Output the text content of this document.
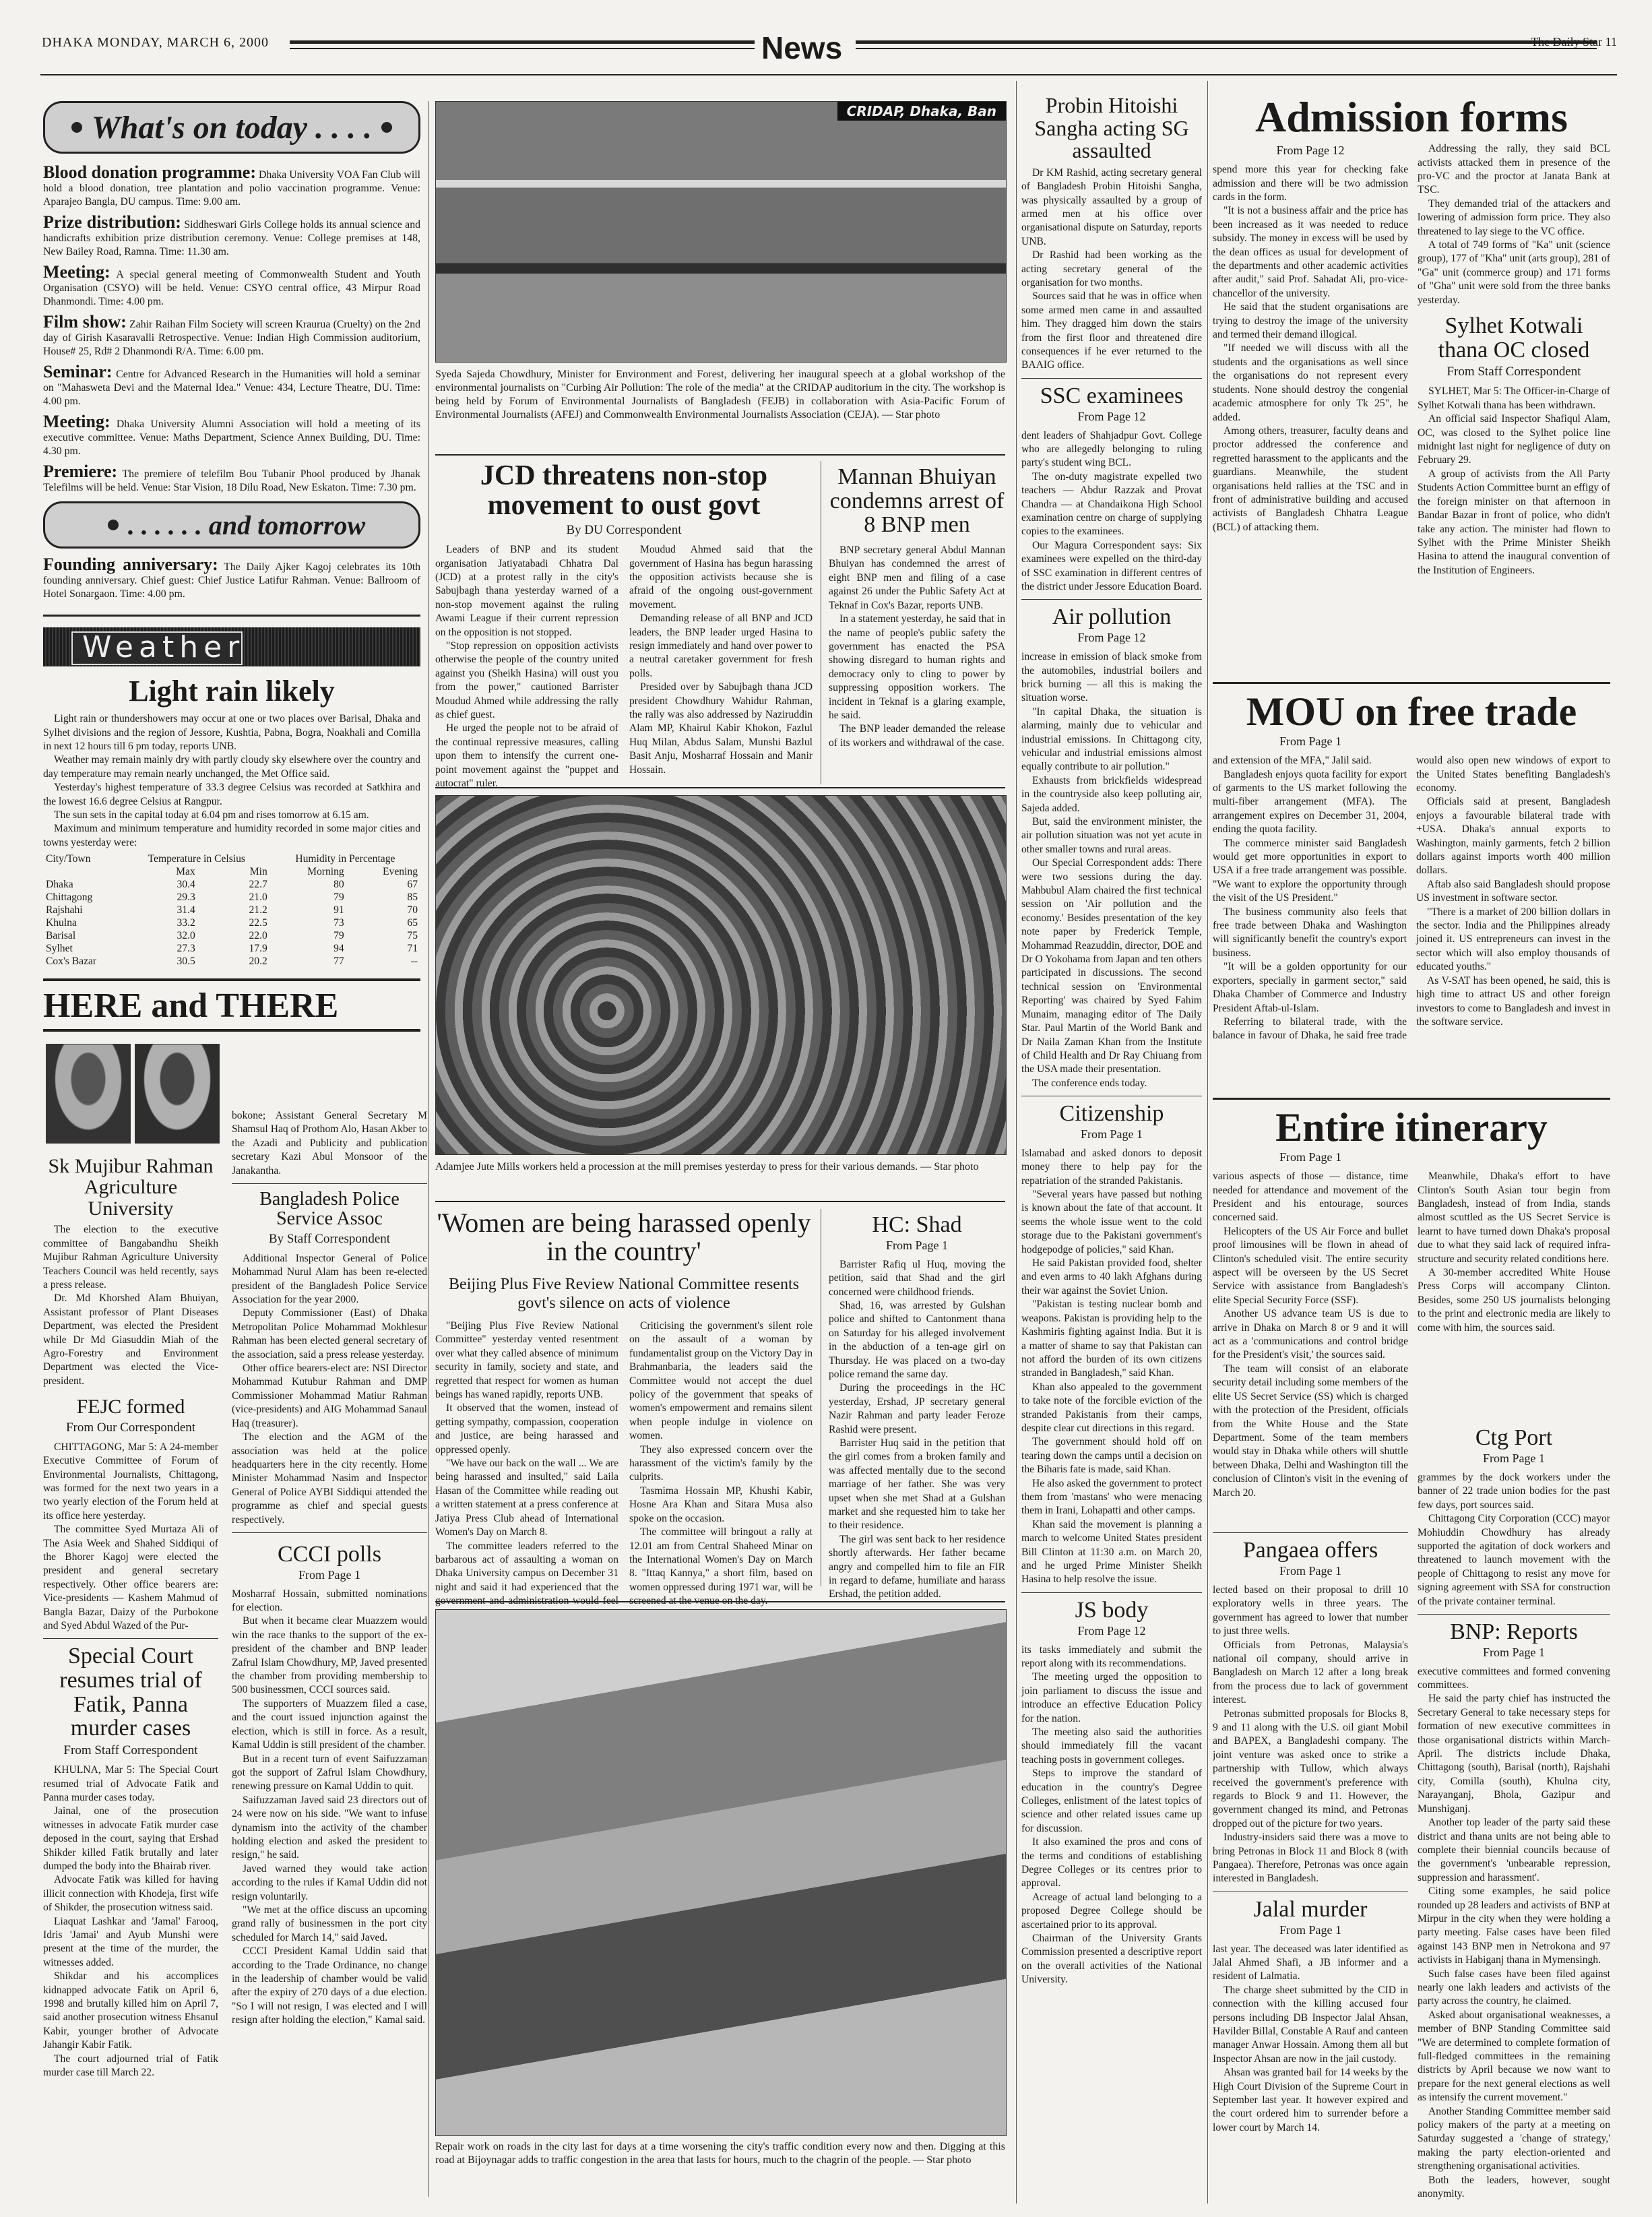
DHAKA MONDAY, MARCH 6, 2000	News	The Daily Star 11
What's on today . . . .

Blood donation programme: Dhaka University VOA Fan Club will hold a blood donation, tree plantation and polio vaccination programme. Venue: Aparajeo Bangla, DU campus. Time: 9.00 am.

Prize distribution: Siddheswari Girls College holds its annual science and handicrafts exhibition prize distribution ceremony. Venue: College premises at 148, New Bailey Road, Ramna. Time: 11.30 am.

Meeting: A special general meeting of Commonwealth Student and Youth Organisation (CSYO) will be held. Venue: CSYO central office, 43 Mirpur Road Dhanmondi. Time: 4.00 pm.

Film show: Zahir Raihan Film Society will screen Kraurua (Cruelty) on the 2nd day of Girish Kasaravalli Retrospective. Venue: Indian High Commission auditorium, House# 25, Rd# 2 Dhanmondi R/A. Time: 6.00 pm.

Seminar: Centre for Advanced Research in the Humanities will hold a seminar on "Mahasweta Devi and the Maternal Idea." Venue: 434, Lecture Theatre, DU. Time: 4.00 pm.

Meeting: Dhaka University Alumni Association will hold a meeting of its executive committee. Venue: Maths Department, Science Annex Building, DU. Time: 4.30 pm.

Premiere: The premiere of telefilm Bou Tubanir Phool produced by Jhanak Telefilms will be held. Venue: Star Vision, 18 Dilu Road, New Eskaton. Time: 7.30 pm.

. . . . . . and tomorrow

Founding anniversary: The Daily Ajker Kagoj celebrates its 10th founding anniversary. Chief guest: Chief Justice Latifur Rahman. Venue: Ballroom of Hotel Sonargaon. Time: 4.00 pm.

Weather
Light rain likely

Light rain or thundershowers may occur at one or two places over Barisal, Dhaka and Sylhet divisions and the region of Jessore, Kushtia, Pabna, Bogra, Noakhali and Comilla in next 12 hours till 6 pm today, reports UNB.

Weather may remain mainly dry with partly cloudy sky elsewhere over the country and day temperature may remain nearly unchanged, the Met Office said.

Yesterday's highest temperature of 33.3 degree Celsius was recorded at Satkhira and the lowest 16.6 degree Celsius at Rangpur.

The sun sets in the capital today at 6.04 pm and rises tomorrow at 6.15 am.

Maximum and minimum temperature and humidity recorded in some major cities and towns yesterday were:

City/Town	Temperature in Celsius		Humidity in Percentage	
	Max	Min	Morning	Evening
Dhaka	30.4	22.7	80	67
Chittagong	29.3	21.0	79	85
Rajshahi	31.4	21.2	91	70
Khulna	33.2	22.5	73	65
Barisal	32.0	22.0	79	75
Sylhet	27.3	17.9	94	71
Cox's Bazar	30.5	20.2	77	--
HERE and THERE
Sk Mujibur Rahman Agriculture University

The election to the executive committee of Bangabandhu Sheikh Mujibur Rahman Agriculture University Teachers Council was held recently, says a press release.

Dr. Md Khorshed Alam Bhuiyan, Assistant professor of Plant Diseases Department, was elected the President while Dr Md Giasuddin Miah of the Agro-Forestry and Environment Department was elected the Vice-president.

FEJC formed
From Our Correspondent

CHITTAGONG, Mar 5: A 24-member Executive Committee of Forum of Environmental Journalists, Chittagong, was formed for the next two years in a two yearly election of the Forum held at its office here yesterday.

The committee Syed Murtaza Ali of The Asia Week and Shahed Siddiqui of the Bhorer Kagoj were elected the president and general secretary respectively. Other office bearers are: Vice-presidents — Kashem Mahmud of Bangla Bazar, Daizy of the Purbokone and Syed Abdul Wazed of the Pur-

Special Court resumes trial of Fatik, Panna murder cases
From Staff Correspondent

KHULNA, Mar 5: The Special Court resumed trial of Advocate Fatik and Panna murder cases today.

Jainal, one of the prosecution witnesses in advocate Fatik murder case deposed in the court, saying that Ershad Shikder killed Fatik brutally and later dumped the body into the Bhairab river.

Advocate Fatik was killed for having illicit connection with Khodeja, first wife of Shikder, the prosecution witness said.

Liaquat Lashkar and 'Jamal' Farooq, Idris 'Jamai' and Ayub Munshi were present at the time of the murder, the witnesses added.

Shikdar and his accomplices kidnapped advocate Fatik on April 6, 1998 and brutally killed him on April 7, said another prosecution witness Ehsanul Kabir, younger brother of Advocate Jahangir Kabir Fatik.

The court adjourned trial of Fatik murder case till March 22.

CRIDAP, Dhaka, Ban
Syeda Sajeda Chowdhury, Minister for Environment and Forest, delivering her inaugural speech at a global workshop of the environmental journalists on "Curbing Air Pollution: The role of the media" at the CRIDAP auditorium in the city. The workshop is being held by Forum of Environmental Journalists of Bangladesh (FEJB) in collaboration with Asia-Pacific Forum of Environmental Journalists (AFEJ) and Commonwealth Environmental Journalists Association (CEJA). — Star photo
JCD threatens non-stop movement to oust govt
By DU Correspondent

Leaders of BNP and its student organisation Jatiyatabadi Chhatra Dal (JCD) at a protest rally in the city's Sabujbagh thana yesterday warned of a non-stop movement against the ruling Awami League if their current repression on the opposition is not stopped.

"Stop repression on opposition activists otherwise the people of the country united against you (Sheikh Hasina) will oust you from the power," cautioned Barrister Moudud Ahmed while addressing the rally as chief guest.

He urged the people not to be afraid of the continual repressive measures, calling upon them to intensify the current one-point movement against the "puppet and autocrat" ruler.

Moudud Ahmed said that the government of Hasina has begun harassing the opposition activists because she is afraid of the ongoing oust-government movement.

Demanding release of all BNP and JCD leaders, the BNP leader urged Hasina to resign immediately and hand over power to a neutral caretaker government for fresh polls.

Presided over by Sabujbagh thana JCD president Chowdhury Wahidur Rahman, the rally was also addressed by Naziruddin Alam MP, Khairul Kabir Khokon, Fazlul Huq Milan, Abdus Salam, Munshi Bazlul Basit Anju, Mosharraf Hossain and Manir Hossain.

Mannan Bhuiyan condemns arrest of 8 BNP men

BNP secretary general Abdul Mannan Bhuiyan has condemned the arrest of eight BNP men and filing of a case against 26 under the Public Safety Act at Teknaf in Cox's Bazar, reports UNB.

In a statement yesterday, he said that in the name of people's public safety the government has enacted the PSA showing disregard to human rights and democracy only to cling to power by suppressing opposition workers. The incident in Teknaf is a glaring example, he said.

The BNP leader demanded the release of its workers and withdrawal of the case.

Adamjee Jute Mills workers held a procession at the mill premises yesterday to press for their various demands. — Star photo
'Women are being harassed openly in the country'
Beijing Plus Five Review National Committee resents govt's silence on acts of violence

"Beijing Plus Five Review National Committee" yesterday vented resentment over what they called absence of minimum security in family, society and state, and regretted that respect for women as human beings has waned rapidly, reports UNB.

It observed that the women, instead of getting sympathy, compassion, cooperation and justice, are being harassed and oppressed openly.

"We have our back on the wall ... We are being harassed and insulted," said Laila Hasan of the Committee while reading out a written statement at a press conference at Jatiya Press Club ahead of International Women's Day on March 8.

The committee leaders referred to the barbarous act of assaulting a woman on Dhaka University campus on December 31 night and said it had experienced that the government and administration would feel

Criticising the government's silent role on the assault of a woman by fundamentalist group on the Victory Day in Brahmanbaria, the leaders said the Committee would not accept the duel policy of the government that speaks of women's empowerment and remains silent when people indulge in violence on women.

They also expressed concern over the harassment of the victim's family by the culprits.

Tasmima Hossain MP, Khushi Kabir, Hosne Ara Khan and Sitara Musa also spoke on the occasion.

The committee will bringout a rally at 12.01 am from Central Shaheed Minar on the International Women's Day on March 8. "Ittaq Kannya," a short film, based on women oppressed during 1971 war, will be screened at the venue on the day.

HC: Shad
From Page 1

Barrister Rafiq ul Huq, moving the petition, said that Shad and the girl concerned were childhood friends.

Shad, 16, was arrested by Gulshan police and shifted to Cantonment thana on Saturday for his alleged involvement in the abduction of a ten-age girl on Thursday. He was placed on a two-day police remand the same day.

During the proceedings in the HC yesterday, Ershad, JP secretary general Nazir Rahman and party leader Feroze Rashid were present.

Barrister Huq said in the petition that the girl comes from a broken family and was affected mentally due to the second marriage of her father. She was very upset when she met Shad at a Gulshan market and she requested him to take her to their residence.

The girl was sent back to her residence shortly afterwards. Her father became angry and compelled him to file an FIR in regard to defame, humiliate and harass Ershad, the petition added.

Repair work on roads in the city last for days at a time worsening the city's traffic condition every now and then. Digging at this road at Bijoynagar adds to traffic congestion in the area that lasts for hours, much to the chagrin of the people. — Star photo

bokone; Assistant General Secretary M Shamsul Haq of Prothom Alo, Hasan Akber to the Azadi and Publicity and publication secretary Kazi Abul Monsoor of the Janakantha.

Bangladesh Police Service Assoc
By Staff Correspondent

Additional Inspector General of Police Mohammad Nurul Alam has been re-elected president of the Bangladesh Police Service Association for the year 2000.

Deputy Commissioner (East) of Dhaka Metropolitan Police Mohammad Mokhlesur Rahman has been elected general secretary of the association, said a press release yesterday.

Other office bearers-elect are: NSI Director Mohammad Kutubur Rahman and DMP Commissioner Mohammad Matiur Rahman (vice-presidents) and AIG Mohammad Sanaul Haq (treasurer).

The election and the AGM of the association was held at the police headquarters here in the city recently. Home Minister Mohammad Nasim and Inspector General of Police AYBI Siddiqui attended the programme as chief and special guests respectively.

CCCI polls
From Page 1

Mosharraf Hossain, submitted nominations for election.

But when it became clear Muazzem would win the race thanks to the support of the ex-president of the chamber and BNP leader Zafrul Islam Chowdhury, MP, Javed presented the chamber from providing membership to 500 businessmen, CCCI sources said.

The supporters of Muazzem filed a case, and the court issued injunction against the election, which is still in force. As a result, Kamal Uddin is still president of the chamber.

But in a recent turn of event Saifuzzaman got the support of Zafrul Islam Chowdhury, renewing pressure on Kamal Uddin to quit.

Saifuzzaman Javed said 23 directors out of 24 were now on his side. "We want to infuse dynamism into the activity of the chamber holding election and asked the president to resign," he said.

Javed warned they would take action according to the rules if Kamal Uddin did not resign voluntarily.

"We met at the office discuss an upcoming grand rally of businessmen in the port city scheduled for March 14," said Javed.

CCCI President Kamal Uddin said that according to the Trade Ordinance, no change in the leadership of chamber would be valid after the expiry of 270 days of a due election. "So I will not resign, I was elected and I will resign after holding the election," Kamal said.

Probin Hitoishi Sangha acting SG assaulted

Dr KM Rashid, acting secretary general of Bangladesh Probin Hitoishi Sangha, was physically assaulted by a group of armed men at his office over organisational dispute on Saturday, reports UNB.

Dr Rashid had been working as the acting secretary general of the organisation for two months.

Sources said that he was in office when some armed men came in and assaulted him. They dragged him down the stairs from the first floor and threatened dire consequences if he ever returned to the BAAIG office.

SSC examinees
From Page 12

dent leaders of Shahjadpur Govt. College who are allegedly belonging to ruling party's student wing BCL.

The on-duty magistrate expelled two teachers — Abdur Razzak and Provat Chandra — at Chandaikona High School examination centre on charge of supplying copies to the examinees.

Our Magura Correspondent says: Six examinees were expelled on the third-day of SSC examination in different centres of the district under Jessore Education Board.

Air pollution
From Page 12

increase in emission of black smoke from the automobiles, industrial boilers and brick burning — all this is making the situation worse.

"In capital Dhaka, the situation is alarming, mainly due to vehicular and industrial emissions. In Chittagong city, vehicular and industrial emissions almost equally contribute to air pollution."

Exhausts from brickfields widespread in the countryside also keep polluting air, Sajeda added.

But, said the environment minister, the air pollution situation was not yet acute in other smaller towns and rural areas.

Our Special Correspondent adds: There were two sessions during the day. Mahbubul Alam chaired the first technical session on 'Air pollution and the economy.' Besides presentation of the key note paper by Frederick Temple, Mohammad Reazuddin, director, DOE and Dr O Yokohama from Japan and ten others participated in discussions. The second technical session on 'Environmental Reporting' was chaired by Syed Fahim Munaim, managing editor of The Daily Star. Paul Martin of the World Bank and Dr Naila Zaman Khan from the Institute of Child Health and Dr Ray Chiuang from the USA made their presentation.

The conference ends today.

Citizenship
From Page 1

Islamabad and asked donors to deposit money there to help pay for the repatriation of the stranded Pakistanis.

"Several years have passed but nothing is known about the fate of that account. It seems the whole issue went to the cold storage due to the Pakistani government's hodgepodge of policies," said Khan.

He said Pakistan provided food, shelter and even arms to 40 lakh Afghans during their war against the Soviet Union.

"Pakistan is testing nuclear bomb and weapons. Pakistan is providing help to the Kashmiris fighting against India. But it is a matter of shame to say that Pakistan can not afford the burden of its own citizens stranded in Bangladesh," said Khan.

Khan also appealed to the government to take note of the forcible eviction of the stranded Pakistanis from their camps, despite clear cut directions in this regard.

The government should hold off on tearing down the camps until a decision on the Biharis fate is made, said Khan.

He also asked the government to protect them from 'mastans' who were menacing them in Irani, Lohapatti and other camps.

Khan said the movement is planning a march to welcome United States president Bill Clinton at 11:30 a.m. on March 20, and he urged Prime Minister Sheikh Hasina to help resolve the issue.

JS body
From Page 12

its tasks immediately and submit the report along with its recommendations.

The meeting urged the opposition to join parliament to discuss the issue and introduce an effective Education Policy for the nation.

The meeting also said the authorities should immediately fill the vacant teaching posts in government colleges.

Steps to improve the standard of education in the country's Degree Colleges, enlistment of the latest topics of science and other related issues came up for discussion.

It also examined the pros and cons of the terms and conditions of establishing Degree Colleges or its centres prior to approval.

Acreage of actual land belonging to a proposed Degree College should be ascertained prior to its approval.

Chairman of the University Grants Commission presented a descriptive report on the overall activities of the National University.

Admission forms
From Page 12

spend more this year for checking fake admission and there will be two admission cards in the form.

"It is not a business affair and the price has been increased as it was needed to reduce subsidy. The money in excess will be used by the dean offices as usual for development of the departments and other academic activities after audit," said Prof. Sahadat Ali, pro-vice-chancellor of the university.

He said that the student organisations are trying to destroy the image of the university and termed their demand illogical.

"If needed we will discuss with all the students and the organisations as well since the organisations do not represent every students. None should destroy the congenial academic atmosphere for only Tk 25", he added.

Among others, treasurer, faculty deans and proctor addressed the conference and regretted harassment to the applicants and the guardians. Meanwhile, the student organisations held rallies at the TSC and in front of administrative building and accused activists of Bangladesh Chhatra League (BCL) of attacking them.

Addressing the rally, they said BCL activists attacked them in presence of the pro-VC and the proctor at Janata Bank at TSC.

They demanded trial of the attackers and lowering of admission form price. They also threatened to lay siege to the VC office.

A total of 749 forms of "Ka" unit (science group), 177 of "Kha" unit (arts group), 281 of "Ga" unit (commerce group) and 171 forms of "Gha" unit were sold from the three banks yesterday.

Sylhet Kotwali thana OC closed
From Staff Correspondent

SYLHET, Mar 5: The Officer-in-Charge of Sylhet Kotwali thana has been withdrawn.

An official said Inspector Shafiqul Alam, OC, was closed to the Sylhet police line midnight last night for negligence of duty on February 29.

A group of activists from the All Party Students Action Committee burnt an effigy of the foreign minister on that afternoon in Bandar Bazar in front of police, who didn't take any action. The minister had flown to Sylhet with the Prime Minister Sheikh Hasina to attend the inaugural convention of the Institution of Engineers.

MOU on free trade
From Page 1

and extension of the MFA," Jalil said.

Bangladesh enjoys quota facility for export of garments to the US market following the multi-fiber arrangement (MFA). The arrangement expires on December 31, 2004, ending the quota facility.

The commerce minister said Bangladesh would get more opportunities in export to USA if a free trade arrangement was possible. "We want to explore the opportunity through the visit of the US President."

The business community also feels that free trade between Dhaka and Washington will significantly benefit the country's export business.

"It will be a golden opportunity for our exporters, specially in garment sector," said Dhaka Chamber of Commerce and Industry President Aftab-ul-Islam.

Referring to bilateral trade, with the balance in favour of Dhaka, he said free trade would also open new windows of export to the United States benefiting Bangladesh's economy.

Officials said at present, Bangladesh enjoys a favourable bilateral trade with +USA. Dhaka's annual exports to Washington, mainly garments, fetch 2 billion dollars against imports worth 400 million dollars.

Aftab also said Bangladesh should propose US investment in software sector.

"There is a market of 200 billion dollars in the sector. India and the Philippines already joined it. US entrepreneurs can invest in the sector which will also employ thousands of educated youths."

As V-SAT has been opened, he said, this is high time to attract US and other foreign investors to come to Bangladesh and invest in the software service.

Entire itinerary
From Page 1

various aspects of those — distance, time needed for attendance and movement of the President and his entourage, sources concerned said.

Helicopters of the US Air Force and bullet proof limousines will be flown in ahead of Clinton's scheduled visit. The entire security aspect will be overseen by the US Secret Service with assistance from Bangladesh's elite Special Security Force (SSF).

Another US advance team US is due to arrive in Dhaka on March 8 or 9 and it will act as a 'communications and control bridge for the President's visit,' the sources said.

The team will consist of an elaborate security detail including some members of the elite US Secret Service (SS) which is charged with the protection of the President, officials from the White House and the State Department. Some of the team members would stay in Dhaka while others will shuttle between Dhaka, Delhi and Washington till the conclusion of Clinton's visit in the evening of March 20.

Pangaea offers
From Page 1

lected based on their proposal to drill 10 exploratory wells in three years. The government has agreed to lower that number to just three wells.

Officials from Petronas, Malaysia's national oil company, should arrive in Bangladesh on March 12 after a long break from the process due to lack of government interest.

Petronas submitted proposals for Blocks 8, 9 and 11 along with the U.S. oil giant Mobil and BAPEX, a Bangladeshi company. The joint venture was asked once to strike a partnership with Tullow, which always received the government's preference with regards to Block 9 and 11. However, the government changed its mind, and Petronas dropped out of the picture for two years.

Industry-insiders said there was a move to bring Petronas in Block 11 and Block 8 (with Pangaea). Therefore, Petronas was once again interested in Bangladesh.

Jalal murder
From Page 1

last year. The deceased was later identified as Jalal Ahmed Shafi, a JB informer and a resident of Lalmatia.

The charge sheet submitted by the CID in connection with the killing accused four persons including DB Inspector Jalal Ahsan, Havilder Billal, Constable A Rauf and canteen manager Anwar Hossain. Among them all but Inspector Ahsan are now in the jail custody.

Ahsan was granted bail for 14 weeks by the High Court Division of the Supreme Court in September last year. It however expired and the court ordered him to surrender before a lower court by March 14.

Meanwhile, Dhaka's effort to have Clinton's South Asian tour begin from Bangladesh, instead of from India, stands almost scuttled as the US Secret Service is learnt to have turned down Dhaka's proposal due to what they said lack of required infra-structure and security related conditions here.

A 30-member accredited White House Press Corps will accompany Clinton. Besides, some 250 US journalists belonging to the print and electronic media are likely to come with him, the sources said.

Ctg Port
From Page 1

grammes by the dock workers under the banner of 22 trade union bodies for the past few days, port sources said.

Chittagong City Corporation (CCC) mayor Mohiuddin Chowdhury has already supported the agitation of dock workers and threatened to launch movement with the people of Chittagong to resist any move for signing agreement with SSA for construction of the private container terminal.

BNP: Reports
From Page 1

executive committees and formed convening committees.

He said the party chief has instructed the Secretary General to take necessary steps for formation of new executive committees in those organisational districts within March-April. The districts include Dhaka, Chittagong (south), Barisal (north), Rajshahi city, Comilla (south), Khulna city, Narayanganj, Bhola, Gazipur and Munshiganj.

Another top leader of the party said these district and thana units are not being able to complete their biennial councils because of the government's 'unbearable repression, suppression and harassment'.

Citing some examples, he said police rounded up 28 leaders and activists of BNP at Mirpur in the city when they were holding a party meeting. False cases have been filed against 143 BNP men in Netrokona and 97 activists in Habiganj thana in Mymensingh.

Such false cases have been filed against nearly one lakh leaders and activists of the party across the country, he claimed.

Asked about organisational weaknesses, a member of BNP Standing Committee said "We are determined to complete formation of full-fledged committees in the remaining districts by April because we now want to prepare for the next general elections as well as intensify the current movement."

Another Standing Committee member said policy makers of the party at a meeting on Saturday suggested a 'change of strategy,' making the party election-oriented and strengthening organisational activities.

Both the leaders, however, sought anonymity.
